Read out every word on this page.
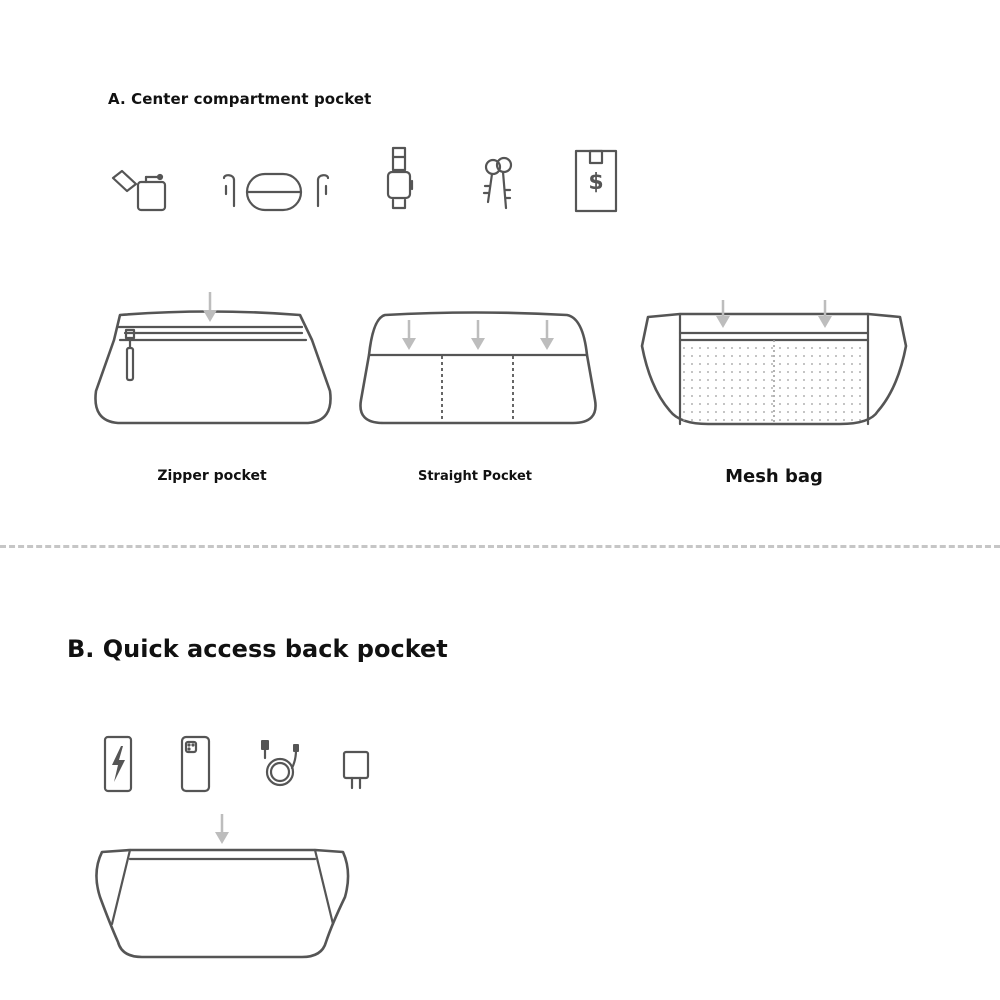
A. Center compartment pocket
$
Zipper pocket	Straight Pocket	Mesh bag
B. Quick access back pocket
